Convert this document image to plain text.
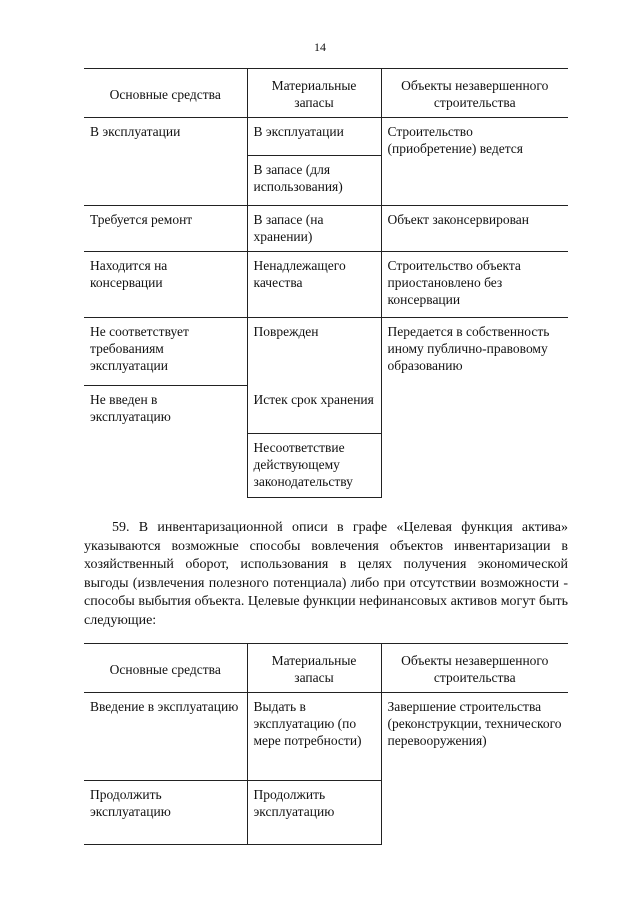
14
Основные средства	Материальные запасы	Объекты незавершенного строительства
В эксплуатации	В эксплуатации	Строительство (приобретение) ведется
	В запасе (для использования)	
Требуется ремонт	В запасе (на хранении)	Объект законсервирован
Находится на консервации	Ненадлежащего качества	Строительство объекта приостановлено без консервации
Не соответствует требованиям эксплуатации	Поврежден	Передается в собственность иному публично-правовому образованию
Не введен в эксплуатацию	Истек срок хранения	
	Несоответствие действующему законодательству	
59. В инвентаризационной описи в графе «Целевая функция актива» указываются возможные способы вовлечения объектов инвентаризации в хозяйственный оборот, использования в целях получения экономической выгоды (извлечения полезного потенциала) либо при отсутствии возможности - способы выбытия объекта. Целевые функции нефинансовых активов могут быть следующие:
Основные средства	Материальные запасы	Объекты незавершенного строительства
Введение в эксплуатацию	Выдать в эксплуатацию (по мере потребности)	Завершение строительства (реконструкции, технического перевооружения)
Продолжить эксплуатацию	Продолжить эксплуатацию	
